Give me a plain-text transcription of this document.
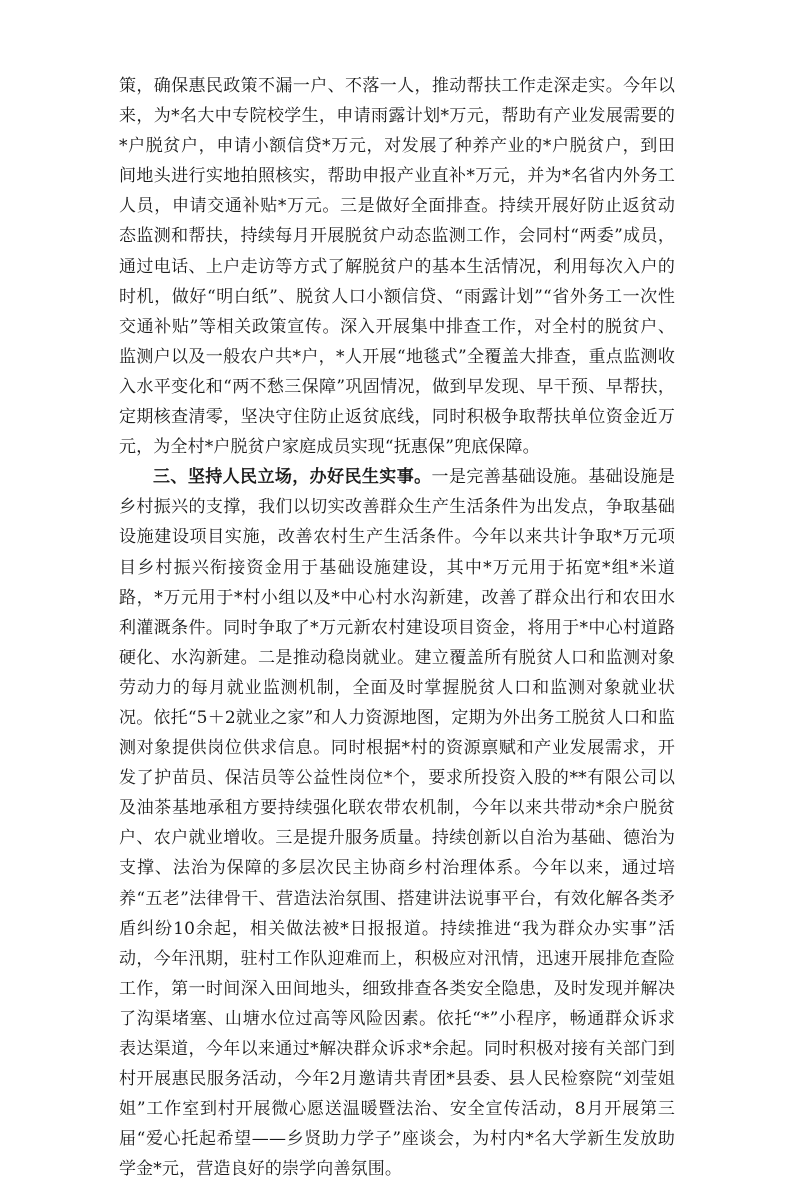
策，确保惠民政策不漏一户、不落一人，推动帮扶工作走深走实。今年以来，为*名大中专院校学生，申请雨露计划*万元，帮助有产业发展需要的*户脱贫户，申请小额信贷*万元，对发展了种养产业的*户脱贫户，到田间地头进行实地拍照核实，帮助申报产业直补*万元，并为*名省内外务工人员，申请交通补贴*万元。三是做好全面排查。持续开展好防止返贫动态监测和帮扶，持续每月开展脱贫户动态监测工作，会同村“两委”成员，通过电话、上户走访等方式了解脱贫户的基本生活情况，利用每次入户的时机，做好“明白纸”、脱贫人口小额信贷、“雨露计划”“省外务工一次性交通补贴”等相关政策宣传。深入开展集中排查工作，对全村的脱贫户、监测户以及一般农户共*户，*人开展“地毯式”全覆盖大排查，重点监测收入水平变化和“两不愁三保障”巩固情况，做到早发现、早干预、早帮扶，定期核查清零，坚决守住防止返贫底线，同时积极争取帮扶单位资金近万元，为全村*户脱贫户家庭成员实现“抚惠保”兜底保障。

三、坚持人民立场，办好民生实事。一是完善基础设施。基础设施是乡村振兴的支撑，我们以切实改善群众生产生活条件为出发点，争取基础设施建设项目实施，改善农村生产生活条件。今年以来共计争取*万元项目乡村振兴衔接资金用于基础设施建设，其中*万元用于拓宽*组*米道路，*万元用于*村小组以及*中心村水沟新建，改善了群众出行和农田水利灌溉条件。同时争取了*万元新农村建设项目资金，将用于*中心村道路硬化、水沟新建。二是推动稳岗就业。建立覆盖所有脱贫人口和监测对象劳动力的每月就业监测机制，全面及时掌握脱贫人口和监测对象就业状况。依托“5＋2就业之家”和人力资源地图，定期为外出务工脱贫人口和监测对象提供岗位供求信息。同时根据*村的资源禀赋和产业发展需求，开发了护苗员、保洁员等公益性岗位*个，要求所投资入股的**有限公司以及油茶基地承租方要持续强化联农带农机制，今年以来共带动*余户脱贫户、农户就业增收。三是提升服务质量。持续创新以自治为基础、德治为支撑、法治为保障的多层次民主协商乡村治理体系。今年以来，通过培养“五老”法律骨干、营造法治氛围、搭建讲法说事平台，有效化解各类矛盾纠纷10余起，相关做法被*日报报道。持续推进“我为群众办实事”活动，今年汛期，驻村工作队迎难而上，积极应对汛情，迅速开展排危查险工作，第一时间深入田间地头，细致排查各类安全隐患，及时发现并解决了沟渠堵塞、山塘水位过高等风险因素。依托“*”小程序，畅通群众诉求表达渠道，今年以来通过*解决群众诉求*余起。同时积极对接有关部门到村开展惠民服务活动，今年2月邀请共青团*县委、县人民检察院“刘莹姐姐”工作室到村开展微心愿送温暖暨法治、安全宣传活动，8月开展第三届“爱心托起希望——乡贤助力学子”座谈会，为村内*名大学新生发放助学金*元，营造良好的崇学向善氛围。
